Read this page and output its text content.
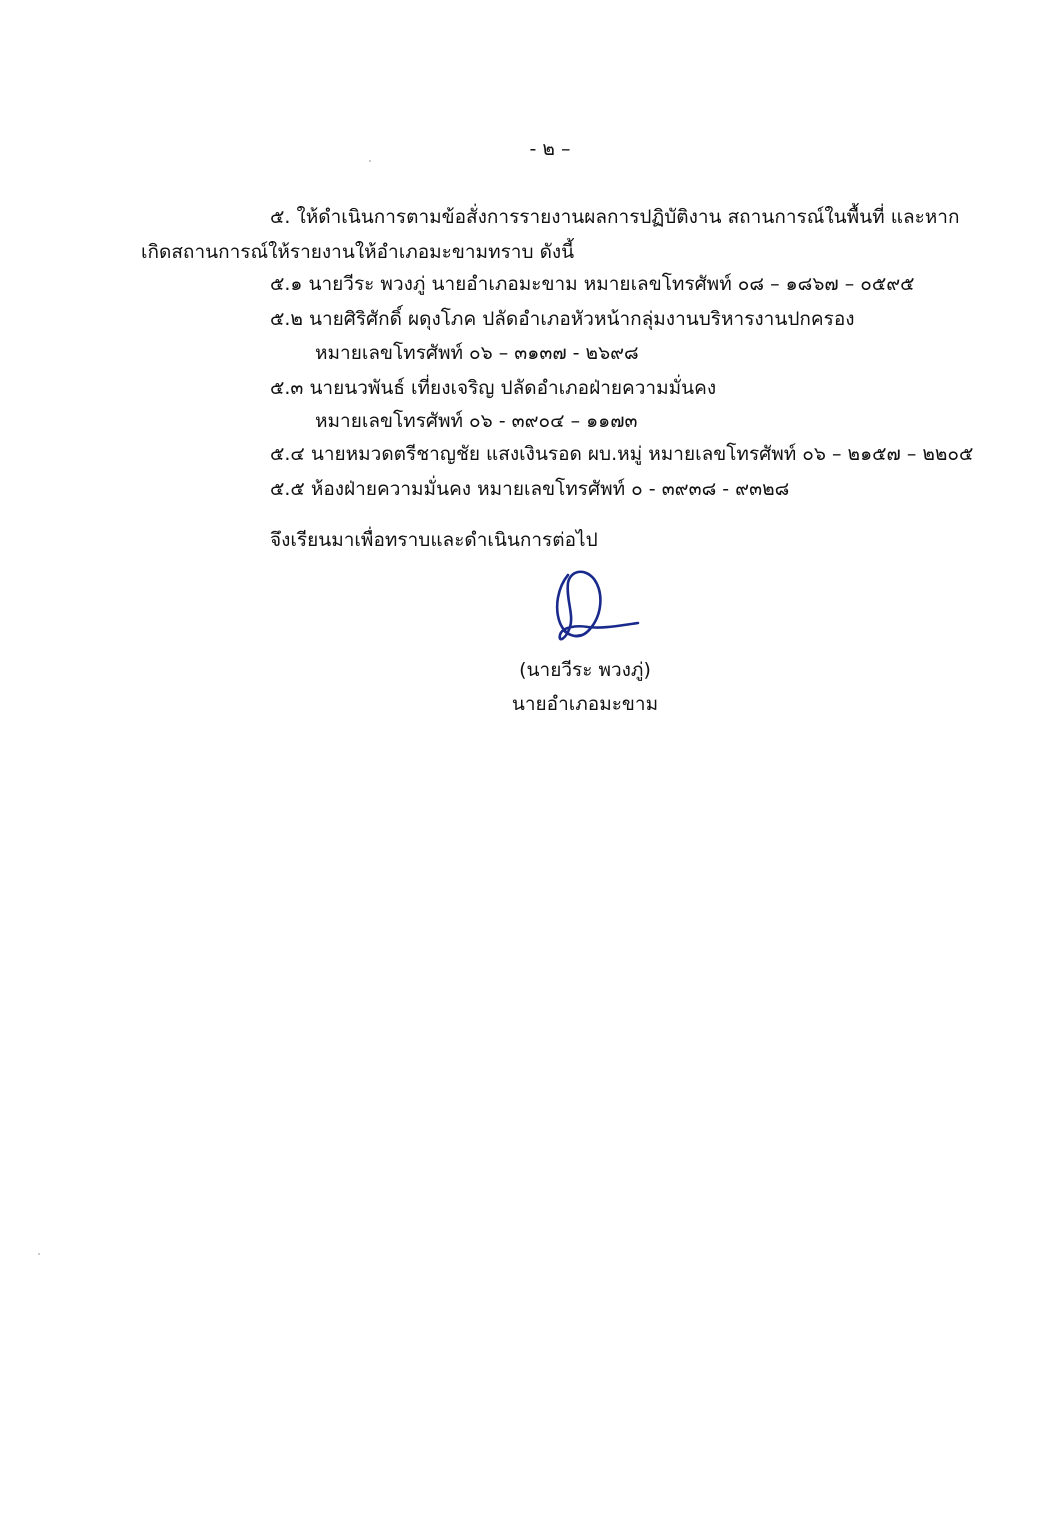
- ๒ –
๕. ให้ดำเนินการตามข้อสั่งการรายงานผลการปฏิบัติงาน สถานการณ์ในพื้นที่ และหาก
เกิดสถานการณ์ให้รายงานให้อำเภอมะขามทราบ ดังนี้
๕.๑ นายวีระ พวงภู่ นายอำเภอมะขาม หมายเลขโทรศัพท์ ๐๘ – ๑๘๖๗ – ๐๕๙๕
๕.๒ นายศิริศักดิ์ ผดุงโภค ปลัดอำเภอหัวหน้ากลุ่มงานบริหารงานปกครอง
หมายเลขโทรศัพท์ ๐๖ – ๓๑๓๗ - ๒๖๙๘
๕.๓ นายนวพันธ์ เที่ยงเจริญ ปลัดอำเภอฝ่ายความมั่นคง
หมายเลขโทรศัพท์ ๐๖ - ๓๙๐๔ – ๑๑๗๓
๕.๔ นายหมวดตรีชาญชัย แสงเงินรอด ผบ.หมู่ หมายเลขโทรศัพท์ ๐๖ – ๒๑๕๗ – ๒๒๐๕
๕.๕ ห้องฝ่ายความมั่นคง หมายเลขโทรศัพท์ ๐ - ๓๙๓๘ - ๙๓๒๘
จึงเรียนมาเพื่อทราบและดำเนินการต่อไป
(นายวีระ พวงภู่)
นายอำเภอมะขาม
